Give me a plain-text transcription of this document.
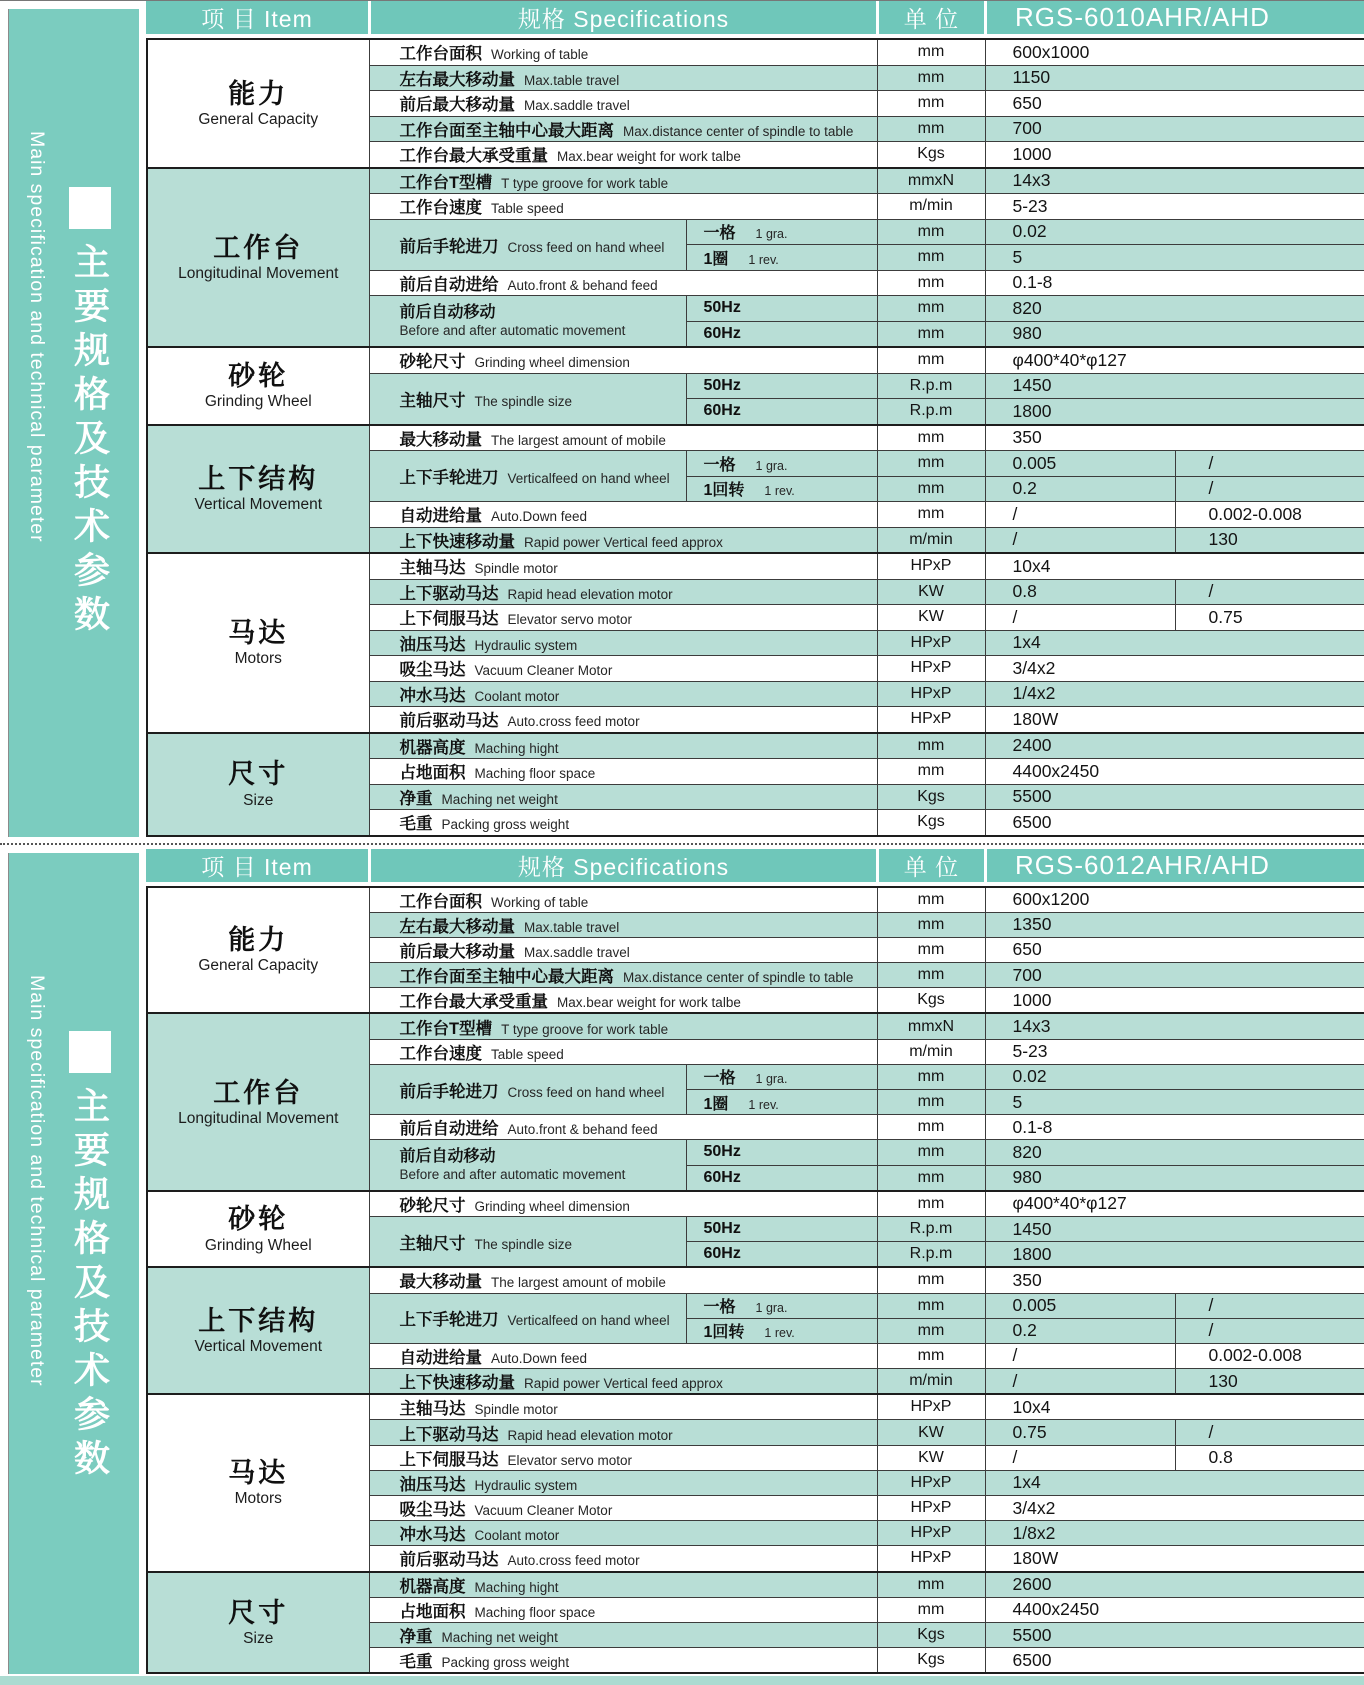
Main specification and technical parameter 主要规格及技术参数
项 目 Item	规格 Specifications	单 位	RGS-6010AHR/AHD
能力
General Capacity	工作台面积 Working of table		mm	600x1000	
	左右最大移动量 Max.table travel		mm	1150	
	前后最大移动量 Max.saddle travel		mm	650	
	工作台面至主轴中心最大距离 Max.distance center of spindle to table		mm	700	
	工作台最大承受重量 Max.bear weight for work talbe		Kgs	1000	

工作台
Longitudinal Movement	工作台T型槽 T type groove for work table		mmxN	14x3	
	工作台速度 Table speed		m/min	5-23	
	前后手轮进刀 Cross feed on hand wheel	一格 1 gra.	mm	0.02	
		1圈 1 rev.	mm	5	
	前后自动进给 Auto.front & behand feed		mm	0.1-8	

	前后自动移动
Before and after automatic movement	50Hz	mm	820	
		60Hz	mm	980	

砂轮
Grinding Wheel	砂轮尺寸 Grinding wheel dimension		mm	φ400*40*φ127	
	主轴尺寸 The spindle size	50Hz	R.p.m	1450	
		60Hz	R.p.m	1800	

上下结构
Vertical Movement	最大移动量 The largest amount of mobile		mm	350	
	上下手轮进刀 Verticalfeed on hand wheel	一格 1 gra.	mm	0.005	/
		1回转 1 rev.	mm	0.2	/
	自动进给量 Auto.Down feed		mm	/	0.002-0.008
	上下快速移动量 Rapid power Vertical feed approx		m/min	/	130

马达
Motors	主轴马达 Spindle motor		HPxP	10x4	
	上下驱动马达 Rapid head elevation motor		KW	0.8	/
	上下伺服马达 Elevator servo motor		KW	/	0.75
	油压马达 Hydraulic system		HPxP	1x4	
	吸尘马达 Vacuum Cleaner Motor		HPxP	3/4x2	
	冲水马达 Coolant motor		HPxP	1/4x2	
	前后驱动马达 Auto.cross feed motor		HPxP	180W	

尺寸
Size	机器高度 Maching hight		mm	2400	
	占地面积 Maching floor space		mm	4400x2450	
	净重 Maching net weight		Kgs	5500	
	毛重 Packing gross weight		Kgs	6500	
Main specification and technical parameter 主要规格及技术参数
项 目 Item	规格 Specifications	单 位	RGS-6012AHR/AHD
能力
General Capacity	工作台面积 Working of table		mm	600x1200	
	左右最大移动量 Max.table travel		mm	1350	
	前后最大移动量 Max.saddle travel		mm	650	
	工作台面至主轴中心最大距离 Max.distance center of spindle to table		mm	700	
	工作台最大承受重量 Max.bear weight for work talbe		Kgs	1000	

工作台
Longitudinal Movement	工作台T型槽 T type groove for work table		mmxN	14x3	
	工作台速度 Table speed		m/min	5-23	
	前后手轮进刀 Cross feed on hand wheel	一格 1 gra.	mm	0.02	
		1圈 1 rev.	mm	5	
	前后自动进给 Auto.front & behand feed		mm	0.1-8	

	前后自动移动
Before and after automatic movement	50Hz	mm	820	
		60Hz	mm	980	

砂轮
Grinding Wheel	砂轮尺寸 Grinding wheel dimension		mm	φ400*40*φ127	
	主轴尺寸 The spindle size	50Hz	R.p.m	1450	
		60Hz	R.p.m	1800	

上下结构
Vertical Movement	最大移动量 The largest amount of mobile		mm	350	
	上下手轮进刀 Verticalfeed on hand wheel	一格 1 gra.	mm	0.005	/
		1回转 1 rev.	mm	0.2	/
	自动进给量 Auto.Down feed		mm	/	0.002-0.008
	上下快速移动量 Rapid power Vertical feed approx		m/min	/	130

马达
Motors	主轴马达 Spindle motor		HPxP	10x4	
	上下驱动马达 Rapid head elevation motor		KW	0.75	/
	上下伺服马达 Elevator servo motor		KW	/	0.8
	油压马达 Hydraulic system		HPxP	1x4	
	吸尘马达 Vacuum Cleaner Motor		HPxP	3/4x2	
	冲水马达 Coolant motor		HPxP	1/8x2	
	前后驱动马达 Auto.cross feed motor		HPxP	180W	

尺寸
Size	机器高度 Maching hight		mm	2600	
	占地面积 Maching floor space		mm	4400x2450	
	净重 Maching net weight		Kgs	5500	
	毛重 Packing gross weight		Kgs	6500	
